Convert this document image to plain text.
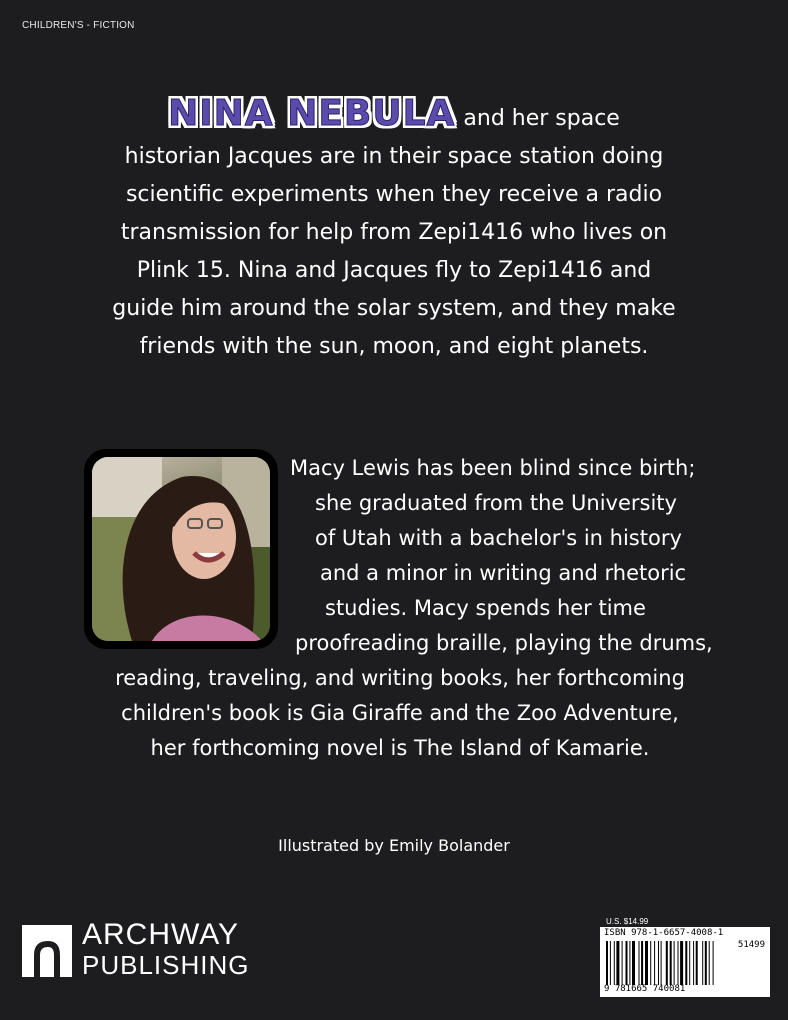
CHILDREN'S - FICTION
NINA NEBULA and her space
historian Jacques are in their space station doing
scientific experiments when they receive a radio
transmission for help from Zepi1416 who lives on
Plink 15. Nina and Jacques fly to Zepi1416 and
guide him around the solar system, and they make
friends with the sun, moon, and eight planets.
Macy Lewis has been blind since birth;
she graduated from the University
of Utah with a bachelor's in history
and a minor in writing and rhetoric
studies. Macy spends her time
proofreading braille, playing the drums,
reading, traveling, and writing books, her forthcoming
children's book is Gia Giraffe and the Zoo Adventure,
her forthcoming novel is The Island of Kamarie.
Illustrated by Emily Bolander
ARCHWAY
PUBLISHING
U.S. $14.99
ISBN 978-1-6657-4008-1
51499
9 781665 740081
